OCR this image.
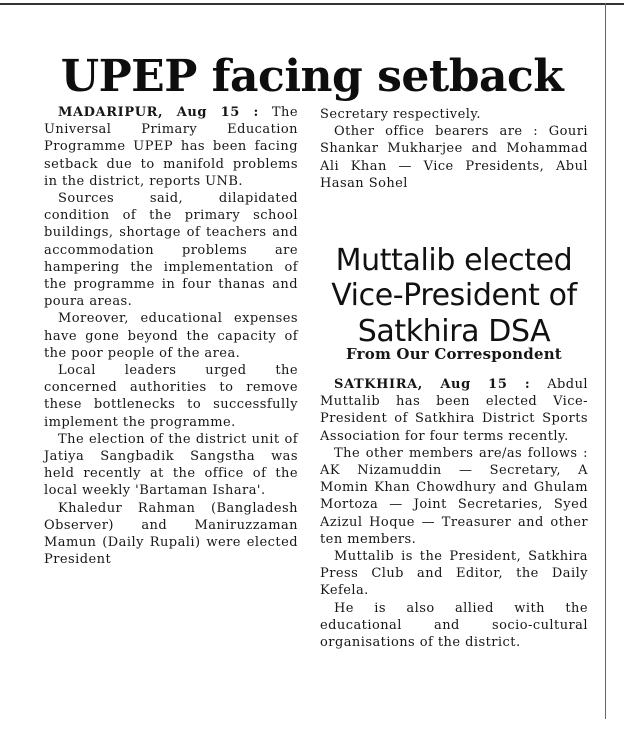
UPEP facing setback

MADARIPUR, Aug 15 : The Universal Primary Education Programme UPEP has been facing setback due to manifold problems in the district, reports UNB.

Sources said, dilapidated condition of the primary school buildings, shortage of teachers and accommodation problems are hampering the implementation of the programme in four thanas and poura areas.

Moreover, educational expenses have gone beyond the capacity of the poor people of the area.

Local leaders urged the concerned authorities to remove these bottlenecks to successfully implement the programme.

The election of the district unit of Jatiya Sangbadik Sangstha was held recently at the office of the local weekly 'Bartaman Ishara'.

Khaledur Rahman (Bangladesh Observer) and Maniruzzaman Mamun (Daily Rupali) were elected President

Secretary respectively.

Other office bearers are : Gouri Shankar Mukharjee and Mohammad Ali Khan — Vice Presidents, Abul Hasan Sohel

Muttalib elected Vice-President of Satkhira DSA
From Our Correspondent

SATKHIRA, Aug 15 : Abdul Muttalib has been elected Vice-President of Satkhira District Sports Association for four terms recently.

The other members are/as follows : AK Nizamuddin — Secretary, A Momin Khan Chowdhury and Ghulam Mortoza — Joint Secretaries, Syed Azizul Hoque — Treasurer and other ten members.

Muttalib is the President, Satkhira Press Club and Editor, the Daily Kefela.

He is also allied with the educational and socio-cultural organisations of the district.
